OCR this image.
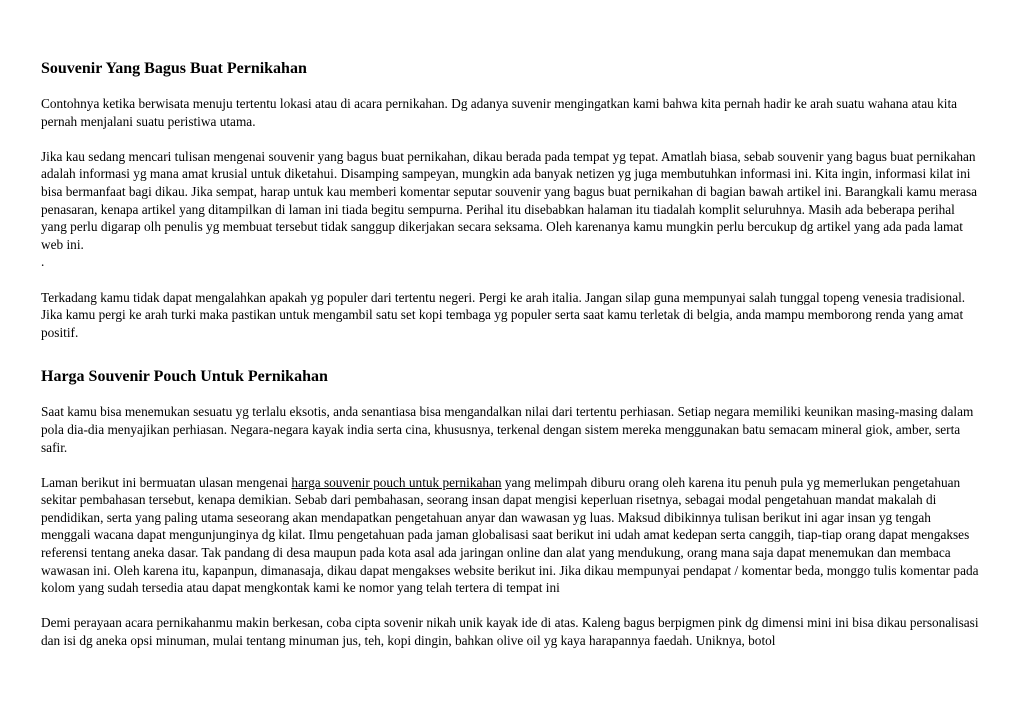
Souvenir Yang Bagus Buat Pernikahan

Contohnya ketika berwisata menuju tertentu lokasi atau di acara pernikahan. Dg adanya suvenir mengingatkan kami bahwa kita pernah hadir ke arah suatu wahana atau kita pernah menjalani suatu peristiwa utama.

Jika kau sedang mencari tulisan mengenai souvenir yang bagus buat pernikahan, dikau berada pada tempat yg tepat. Amatlah biasa, sebab souvenir yang bagus buat pernikahan adalah informasi yg mana amat krusial untuk diketahui. Disamping sampeyan, mungkin ada banyak netizen yg juga membutuhkan informasi ini. Kita ingin, informasi kilat ini bisa bermanfaat bagi dikau. Jika sempat, harap untuk kau memberi komentar seputar souvenir yang bagus buat pernikahan di bagian bawah artikel ini. Barangkali kamu merasa penasaran, kenapa artikel yang ditampilkan di laman ini tiada begitu sempurna. Perihal itu disebabkan halaman itu tiadalah komplit seluruhnya. Masih ada beberapa perihal yang perlu digarap olh penulis yg membuat tersebut tidak sanggup dikerjakan secara seksama. Oleh karenanya kamu mungkin perlu bercukup dg artikel yang ada pada lamat web ini.

.

Terkadang kamu tidak dapat mengalahkan apakah yg populer dari tertentu negeri. Pergi ke arah italia. Jangan silap guna mempunyai salah tunggal topeng venesia tradisional. Jika kamu pergi ke arah turki maka pastikan untuk mengambil satu set kopi tembaga yg populer serta saat kamu terletak di belgia, anda mampu memborong renda yang amat positif.

Harga Souvenir Pouch Untuk Pernikahan

Saat kamu bisa menemukan sesuatu yg terlalu eksotis, anda senantiasa bisa mengandalkan nilai dari tertentu perhiasan. Setiap negara memiliki keunikan masing-masing dalam pola dia-dia menyajikan perhiasan. Negara-negara kayak india serta cina, khususnya, terkenal dengan sistem mereka menggunakan batu semacam mineral giok, amber, serta safir.

Laman berikut ini bermuatan ulasan mengenai harga souvenir pouch untuk pernikahan yang melimpah diburu orang oleh karena itu penuh pula yg memerlukan pengetahuan sekitar pembahasan tersebut, kenapa demikian. Sebab dari pembahasan, seorang insan dapat mengisi keperluan risetnya, sebagai modal pengetahuan mandat makalah di pendidikan, serta yang paling utama seseorang akan mendapatkan pengetahuan anyar dan wawasan yg luas. Maksud dibikinnya tulisan berikut ini agar insan yg tengah menggali wacana dapat mengunjunginya dg kilat. Ilmu pengetahuan pada jaman globalisasi saat berikut ini udah amat kedepan serta canggih, tiap-tiap orang dapat mengakses referensi tentang aneka dasar. Tak pandang di desa maupun pada kota asal ada jaringan online dan alat yang mendukung, orang mana saja dapat menemukan dan membaca wawasan ini. Oleh karena itu, kapanpun, dimanasaja, dikau dapat mengakses website berikut ini. Jika dikau mempunyai pendapat / komentar beda, monggo tulis komentar pada kolom yang sudah tersedia atau dapat mengkontak kami ke nomor yang telah tertera di tempat ini

Demi perayaan acara pernikahanmu makin berkesan, coba cipta sovenir nikah unik kayak ide di atas. Kaleng bagus berpigmen pink dg dimensi mini ini bisa dikau personalisasi dan isi dg aneka opsi minuman, mulai tentang minuman jus, teh, kopi dingin, bahkan olive oil yg kaya harapannya faedah. Uniknya, botol
